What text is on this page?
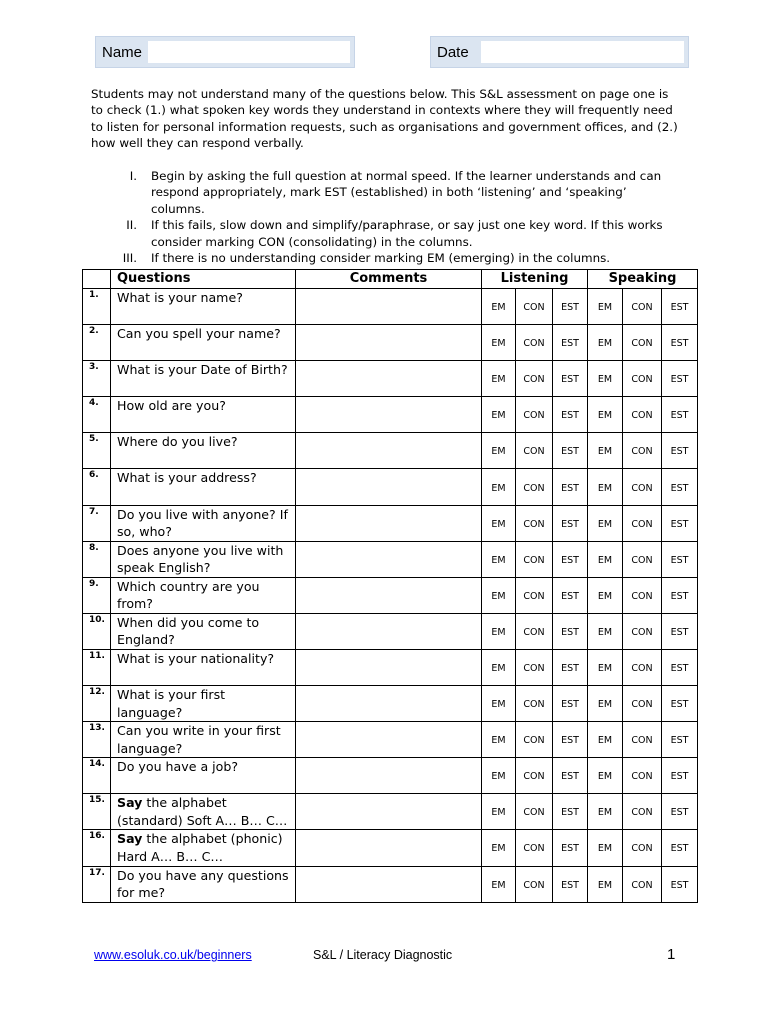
Name	Date

Students may not understand many of the questions below. This S&L assessment on page one is to check (1.) what spoken key words they understand in contexts where they will frequently need to listen for personal information requests, such as organisations and government offices, and (2.) how well they can respond verbally.

I.	Begin by asking the full question at normal speed. If the learner understands and can respond appropriately, mark EST (established) in both ‘listening’ and ‘speaking’ columns.
II.	If this fails, slow down and simplify/paraphrase, or say just one key word. If this works consider marking CON (consolidating) in the columns.
III.	If there is no understanding consider marking EM (emerging) in the columns.
	Questions	Comments	Listening			Speaking		
1.	What is your name?		EM	CON	EST	EM	CON	EST
2.	Can you spell your name?		EM	CON	EST	EM	CON	EST
3.	What is your Date of Birth?		EM	CON	EST	EM	CON	EST
4.	How old are you?		EM	CON	EST	EM	CON	EST
5.	Where do you live?		EM	CON	EST	EM	CON	EST
6.	What is your address?		EM	CON	EST	EM	CON	EST
7.	Do you live with anyone? If so, who?		EM	CON	EST	EM	CON	EST
8.	Does anyone you live with speak English?		EM	CON	EST	EM	CON	EST
9.	Which country are you from?		EM	CON	EST	EM	CON	EST
10.	When did you come to England?		EM	CON	EST	EM	CON	EST
11.	What is your nationality?		EM	CON	EST	EM	CON	EST
12.	What is your first language?		EM	CON	EST	EM	CON	EST
13.	Can you write in your first language?		EM	CON	EST	EM	CON	EST
14.	Do you have a job?		EM	CON	EST	EM	CON	EST
15.	Say the alphabet (standard) Soft A… B… C…		EM	CON	EST	EM	CON	EST
16.	Say the alphabet (phonic) Hard A… B… C…		EM	CON	EST	EM	CON	EST
17.	Do you have any questions for me?		EM	CON	EST	EM	CON	EST
www.esoluk.co.uk/beginners	S&L / Literacy Diagnostic	1
